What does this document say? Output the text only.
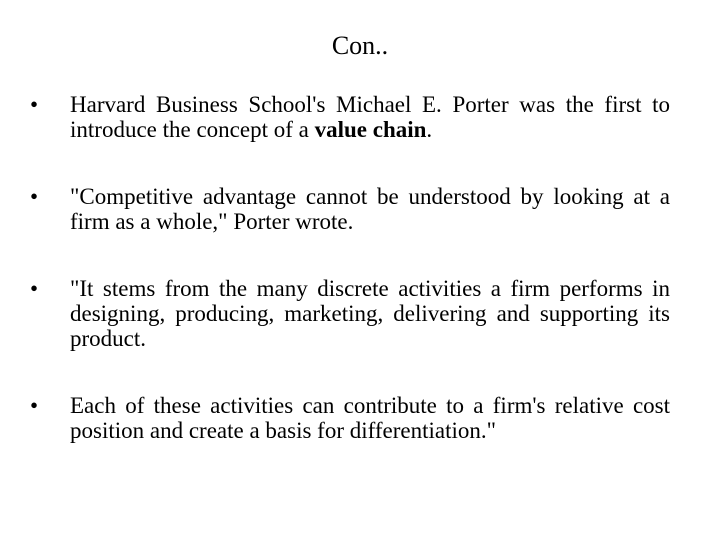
Con..
•	Harvard Business School's Michael E. Porter was the first to introduce the concept of a value chain.
•	"Competitive advantage cannot be understood by looking at a firm as a whole," Porter wrote.
•	"It stems from the many discrete activities a firm performs in designing, producing, marketing, delivering and supporting its product.
•	Each of these activities can contribute to a firm's relative cost position and create a basis for differentiation."
